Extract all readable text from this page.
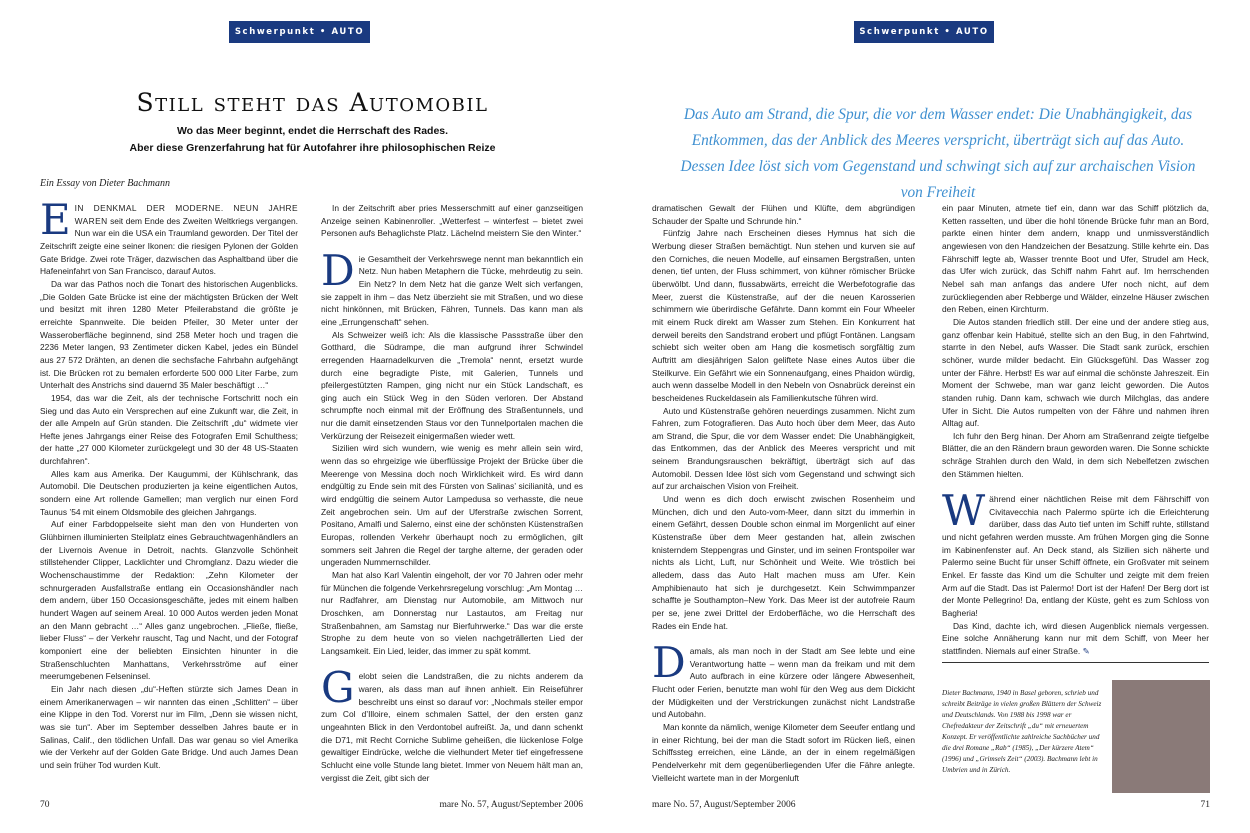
Schwerpunkt • AUTO
Still steht das Automobil
Wo das Meer beginnt, endet die Herrschaft des Rades.
Aber diese Grenzerfahrung hat für Autofahrer ihre philosophischen Reize
Ein Essay von Dieter Bachmann

EIN DENKMAL DER MODERNE. NEUN JAHRE WAREN seit dem Ende des Zweiten Weltkriegs vergangen. Nun war ein die USA ein Traumland geworden. Der Titel der Zeitschrift zeigte eine seiner Ikonen: die riesigen Pylonen der Golden Gate Bridge. Zwei rote Träger, dazwischen das Asphaltband über die Hafeneinfahrt von San Francisco, darauf Autos.

Da war das Pathos noch die Tonart des historischen Augenblicks. „Die Golden Gate Brücke ist eine der mächtigsten Brücken der Welt und besitzt mit ihren 1280 Meter Pfeilerabstand die größte je erreichte Spannweite. Die beiden Pfeiler, 30 Meter unter der Wasseroberfläche beginnend, sind 258 Meter hoch und tragen die 2236 Meter langen, 93 Zentimeter dicken Kabel, jedes ein Bündel aus 27 572 Drähten, an denen die sechsfache Fahrbahn aufgehängt ist. Die Brücken rot zu bemalen erforderte 500 000 Liter Farbe, zum Unterhalt des Anstrichs sind dauernd 35 Maler beschäftigt …“

1954, das war die Zeit, als der technische Fortschritt noch ein Sieg und das Auto ein Versprechen auf eine Zukunft war, die Zeit, in der alle Ampeln auf Grün standen. Die Zeitschrift „du“ widmete vier Hefte jenes Jahrgangs einer Reise des Fotografen Emil Schulthess; der hatte „27 000 Kilometer zurückgelegt und 30 der 48 US-Staaten durchfahren“.

Alles kam aus Amerika. Der Kaugummi, der Kühlschrank, das Automobil. Die Deutschen produzierten ja keine eigentlichen Autos, sondern eine Art rollende Gamellen; man verglich nur einen Ford Taunus ’54 mit einem Oldsmobile des gleichen Jahrgangs.

Auf einer Farbdoppelseite sieht man den von Hunderten von Glühbirnen illuminierten Steilplatz eines Gebrauchtwagenhändlers an der Livernois Avenue in Detroit, nachts. Glanzvolle Schönheit stillstehender Clipper, Lacklichter und Chromglanz. Dazu wieder die Wochenschaustimme der Redaktion: „Zehn Kilometer der schnurgeraden Ausfallstraße entlang ein Occasionshändler nach dem andern, über 150 Occasionsgeschäfte, jedes mit einem halben hundert Wagen auf seinem Areal. 10 000 Autos werden jeden Monat an den Mann gebracht …“ Alles ganz ungebrochen. „Fließe, fließe, lieber Fluss“ – der Verkehr rauscht, Tag und Nacht, und der Fotograf komponiert eine der beliebten Einsichten hinunter in die Straßenschluchten Manhattans, Verkehrsströme auf einer meerumgebenen Felseninsel.

Ein Jahr nach diesen „du“-Heften stürzte sich James Dean in einem Amerikanerwagen – wir nannten das einen „Schlitten“ – über eine Klippe in den Tod. Vorerst nur im Film, „Denn sie wissen nicht, was sie tun“. Aber im September desselben Jahres baute er in Salinas, Calif., den tödlichen Unfall. Das war genau so viel Amerika wie der Verkehr auf der Golden Gate Bridge. Und auch James Dean und sein früher Tod wurden Kult.

In der Zeitschrift aber pries Messerschmitt auf einer ganzseitigen Anzeige seinen Kabinenroller. „Wetterfest – winterfest – bietet zwei Personen aufs Behaglichste Platz. Lächelnd meistern Sie den Winter.“

Die Gesamtheit der Verkehrswege nennt man bekanntlich ein Netz. Nun haben Metaphern die Tücke, mehrdeutig zu sein. Ein Netz? In dem Netz hat die ganze Welt sich verfangen, sie zappelt in ihm – das Netz überzieht sie mit Straßen, und wo diese nicht hinkönnen, mit Brücken, Fähren, Tunnels. Das kann man als eine „Errungenschaft“ sehen.

Als Schweizer weiß ich: Als die klassische Passstraße über den Gotthard, die Südrampe, die man aufgrund ihrer Schwindel erregenden Haarnadelkurven die „Tremola“ nennt, ersetzt wurde durch eine begradigte Piste, mit Galerien, Tunnels und pfeilergestützten Rampen, ging nicht nur ein Stück Landschaft, es ging auch ein Stück Weg in den Süden verloren. Der Abstand schrumpfte noch einmal mit der Eröffnung des Straßentunnels, und nur die damit einsetzenden Staus vor den Tunnelportalen machen die Verkürzung der Reisezeit einigermaßen wieder wett.

Sizilien wird sich wundern, wie wenig es mehr allein sein wird, wenn das so ehrgeizige wie überflüssige Projekt der Brücke über die Meerenge von Messina doch noch Wirklichkeit wird. Es wird dann endgültig zu Ende sein mit des Fürsten von Salinas’ sicilianità, und es wird endgültig die seinem Autor Lampedusa so verhasste, die neue Zeit angebrochen sein. Um auf der Uferstraße zwischen Sorrent, Positano, Amalfi und Salerno, einst eine der schönsten Küstenstraßen Europas, rollenden Verkehr überhaupt noch zu ermöglichen, gilt sommers seit Jahren die Regel der targhe alterne, der geraden oder ungeraden Nummernschilder.

Man hat also Karl Valentin eingeholt, der vor 70 Jahren oder mehr für München die folgende Verkehrsregelung vorschlug: „Am Montag … nur Radfahrer, am Dienstag nur Automobile, am Mittwoch nur Droschken, am Donnerstag nur Lastautos, am Freitag nur Straßenbahnen, am Samstag nur Bierfuhrwerke.“ Das war die erste Strophe zu dem heute von so vielen nachgeträllerten Lied der Langsamkeit. Ein Lied, leider, das immer zu spät kommt.

Gelobt seien die Landstraßen, die zu nichts anderem da waren, als dass man auf ihnen anhielt. Ein Reiseführer beschreibt uns einst so darauf vor: „Nochmals steiler empor zum Col d’Illoire, einem schmalen Sattel, der den ersten ganz ungeahnten Blick in den Verdontobel aufreißt. Ja, und dann schenkt die D71, mit Recht Corniche Sublime geheißen, die lückenlose Folge gewaltiger Eindrücke, welche die vielhundert Meter tief eingefressene Schlucht eine volle Stunde lang bietet. Immer von Neuem hält man an, vergisst die Zeit, gibt sich der

70	mare No. 57, August/September 2006
Schwerpunkt • AUTO
Das Auto am Strand, die Spur, die vor dem Wasser endet: Die Unabhängigkeit, das Entkommen, das der Anblick des Meeres verspricht, überträgt sich auf das Auto. Dessen Idee löst sich vom Gegenstand und schwingt sich auf zur archaischen Vision von Freiheit

dramatischen Gewalt der Flühen und Klüfte, dem abgründigen Schauder der Spalte und Schrunde hin.“

Fünfzig Jahre nach Erscheinen dieses Hymnus hat sich die Werbung dieser Straßen bemächtigt. Nun stehen und kurven sie auf den Corniches, die neuen Modelle, auf einsamen Bergstraßen, unten denen, tief unten, der Fluss schimmert, von kühner römischer Brücke überwölbt. Und dann, flussabwärts, erreicht die Werbefotografie das Meer, zuerst die Küstenstraße, auf der die neuen Karosserien schimmern wie überirdische Gefährte. Dann kommt ein Four Wheeler mit einem Ruck direkt am Wasser zum Stehen. Ein Konkurrent hat derweil bereits den Sandstrand erobert und pflügt Fontänen. Langsam schiebt sich weiter oben am Hang die kosmetisch sorgfältig zum Auftritt am diesjährigen Salon geliftete Nase eines Autos über die Steilkurve. Ein Gefährt wie ein Sonnenaufgang, eines Phaidon würdig, auch wenn dasselbe Modell in den Nebeln von Osnabrück dereinst ein bescheidenes Ruckeldasein als Familienkutsche führen wird.

Auto und Küstenstraße gehören neuerdings zusammen. Nicht zum Fahren, zum Fotografieren. Das Auto hoch über dem Meer, das Auto am Strand, die Spur, die vor dem Wasser endet: Die Unabhängigkeit, das Entkommen, das der Anblick des Meeres verspricht und mit seinem Brandungsrauschen bekräftigt, überträgt sich auf das Automobil. Dessen Idee löst sich vom Gegenstand und schwingt sich auf zur archaischen Vision von Freiheit.

Und wenn es dich doch erwischt zwischen Rosenheim und München, dich und den Auto-vom-Meer, dann sitzt du immerhin in einem Gefährt, dessen Double schon einmal im Morgenlicht auf einer Küstenstraße über dem Meer gestanden hat, allein zwischen knisterndem Steppengras und Ginster, und im seinen Frontspoiler war nichts als Licht, Luft, nur Schönheit und Weite. Wie tröstlich bei alledem, dass das Auto Halt machen muss am Ufer. Kein Amphibienauto hat sich je durchgesetzt. Kein Schwimmpanzer schaffte je Southampton–New York. Das Meer ist der autofreie Raum per se, jene zwei Drittel der Erdoberfläche, wo die Herrschaft des Rades ein Ende hat.

Damals, als man noch in der Stadt am See lebte und eine Verantwortung hatte – wenn man da freikam und mit dem Auto aufbrach in eine kürzere oder längere Abwesenheit, Flucht oder Ferien, benutzte man wohl für den Weg aus dem Dickicht der Müdigkeiten und der Verstrickungen zunächst nicht Landstraße und Autobahn.

Man konnte da nämlich, wenige Kilometer dem Seeufer entlang und in einer Richtung, bei der man die Stadt sofort im Rücken ließ, einen Schiffssteg erreichen, eine Lände, an der in einem regelmäßigen Pendelverkehr mit dem gegenüberliegenden Ufer die Fähre anlegte. Vielleicht wartete man in der Morgenluft

ein paar Minuten, atmete tief ein, dann war das Schiff plötzlich da, Ketten rasselten, und über die hohl tönende Brücke fuhr man an Bord, parkte einen hinter dem andern, knapp und unmissverständlich angewiesen von den Handzeichen der Besatzung. Stille kehrte ein. Das Fährschiff legte ab, Wasser trennte Boot und Ufer, Strudel am Heck, das Ufer wich zurück, das Schiff nahm Fahrt auf. Im herrschenden Nebel sah man anfangs das andere Ufer noch nicht, auf dem zurückliegenden aber Rebberge und Wälder, einzelne Häuser zwischen den Reben, einen Kirchturm.

Die Autos standen friedlich still. Der eine und der andere stieg aus, ganz offenbar kein Habitué, stellte sich an den Bug, in den Fahrtwind, starrte in den Nebel, aufs Wasser. Die Stadt sank zurück, erschien schöner, wurde milder bedacht. Ein Glücksgefühl. Das Wasser zog unter der Fähre. Herbst! Es war auf einmal die schönste Jahreszeit. Ein Moment der Schwebe, man war ganz leicht geworden. Die Autos standen ruhig. Dann kam, schwach wie durch Milchglas, das andere Ufer in Sicht. Die Autos rumpelten von der Fähre und nahmen ihren Alltag auf.

Ich fuhr den Berg hinan. Der Ahorn am Straßenrand zeigte tiefgelbe Blätter, die an den Rändern braun geworden waren. Die Sonne schickte schräge Strahlen durch den Wald, in dem sich Nebelfetzen zwischen den Stämmen hielten.

Während einer nächtlichen Reise mit dem Fährschiff von Civitavecchia nach Palermo spürte ich die Erleichterung darüber, dass das Auto tief unten im Schiff ruhte, stillstand und nicht gefahren werden musste. Am frühen Morgen ging die Sonne im Kabinenfenster auf. An Deck stand, als Sizilien sich näherte und Palermo seine Bucht für unser Schiff öffnete, ein Großvater mit seinem Enkel. Er fasste das Kind um die Schulter und zeigte mit dem freien Arm auf die Stadt. Das ist Palermo! Dort ist der Hafen! Der Berg dort ist der Monte Pellegrino! Da, entlang der Küste, geht es zum Schloss von Bagheria!

Das Kind, dachte ich, wird diesen Augenblick niemals vergessen. Eine solche Annäherung kann nur mit dem Schiff, von Meer her stattfinden. Niemals auf einer Straße. ✎

Dieter Bachmann, 1940 in Basel geboren, schrieb und schreibt Beiträge in vielen großen Blättern der Schweiz und Deutschlands. Von 1988 bis 1998 war er Chefredakteur der Zeitschrift „du“ mit erneuertem Konzept. Er veröffentlichte zahlreiche Sachbücher und die drei Romane „Rab“ (1985), „Der kürzere Atem“ (1996) und „Grimsels Zeit“ (2003). Bachmann lebt in Umbrien und in Zürich.
mare No. 57, August/September 2006	71
